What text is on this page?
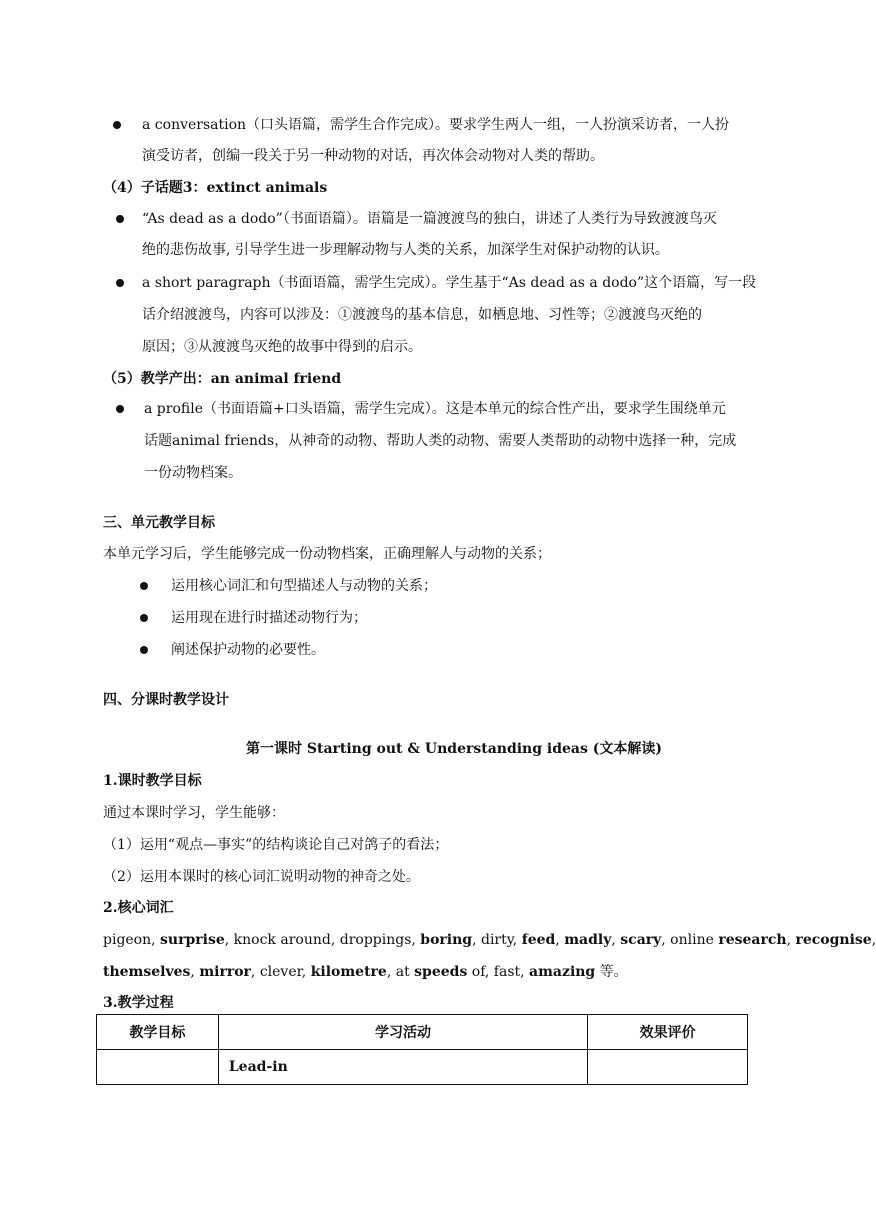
a conversation（口头语篇，需学生合作完成）。要求学生两人一组，一人扮演采访者，一人扮
演受访者，创编一段关于另一种动物的对话，再次体会动物对人类的帮助。
（4）子话题3：extinct animals
“As dead as a dodo”（书面语篇）。语篇是一篇渡渡鸟的独白，讲述了人类行为导致渡渡鸟灭
绝的悲伤故事, 引导学生进一步理解动物与人类的关系，加深学生对保护动物的认识。
a short paragraph（书面语篇，需学生完成）。学生基于“As dead as a dodo”这个语篇，写一段
话介绍渡渡鸟，内容可以涉及：①渡渡鸟的基本信息，如栖息地、习性等；②渡渡鸟灭绝的
原因；③从渡渡鸟灭绝的故事中得到的启示。
（5）教学产出：an animal friend
a profile（书面语篇+口头语篇，需学生完成）。这是本单元的综合性产出，要求学生围绕单元
话题animal friends，从神奇的动物、帮助人类的动物、需要人类帮助的动物中选择一种，完成
一份动物档案。
三、单元教学目标
本单元学习后，学生能够完成一份动物档案，正确理解人与动物的关系；
运用核心词汇和句型描述人与动物的关系；
运用现在进行时描述动物行为；
阐述保护动物的必要性。
四、分课时教学设计
第一课时 Starting out & Understanding ideas (文本解读)
1.课时教学目标
通过本课时学习，学生能够：
（1）运用“观点—事实”的结构谈论自己对鸽子的看法；
（2）运用本课时的核心词汇说明动物的神奇之处。
2.核心词汇
pigeon, surprise, knock around, droppings, boring, dirty, feed, madly, scary, online research, recognise,
themselves, mirror, clever, kilometre, at speeds of, fast, amazing 等。
3.教学过程
教学目标	学习活动	效果评价
	Lead-in	
